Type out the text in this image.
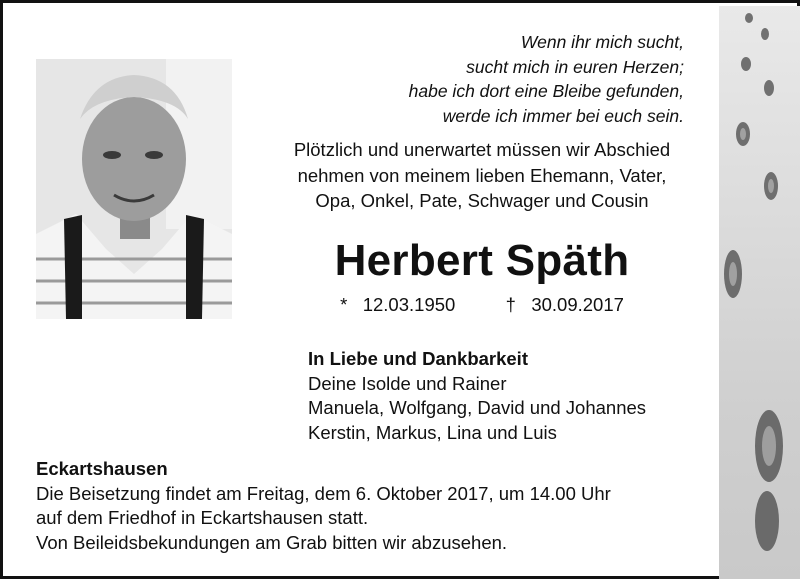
Wenn ihr mich sucht,
sucht mich in euren Herzen;
habe ich dort eine Bleibe gefunden,
werde ich immer bei euch sein.
Plötzlich und unerwartet müssen wir Abschied
nehmen von meinem lieben Ehemann, Vater,
Opa, Onkel, Pate, Schwager und Cousin
Herbert Späth
* 12.03.1950	† 30.09.2017
In Liebe und Dankbarkeit
Deine Isolde und Rainer
Manuela, Wolfgang, David und Johannes
Kerstin, Markus, Lina und Luis
Eckartshausen
Die Beisetzung findet am Freitag, dem 6. Oktober 2017, um 14.00 Uhr
auf dem Friedhof in Eckartshausen statt.
Von Beileidsbekundungen am Grab bitten wir abzusehen.
